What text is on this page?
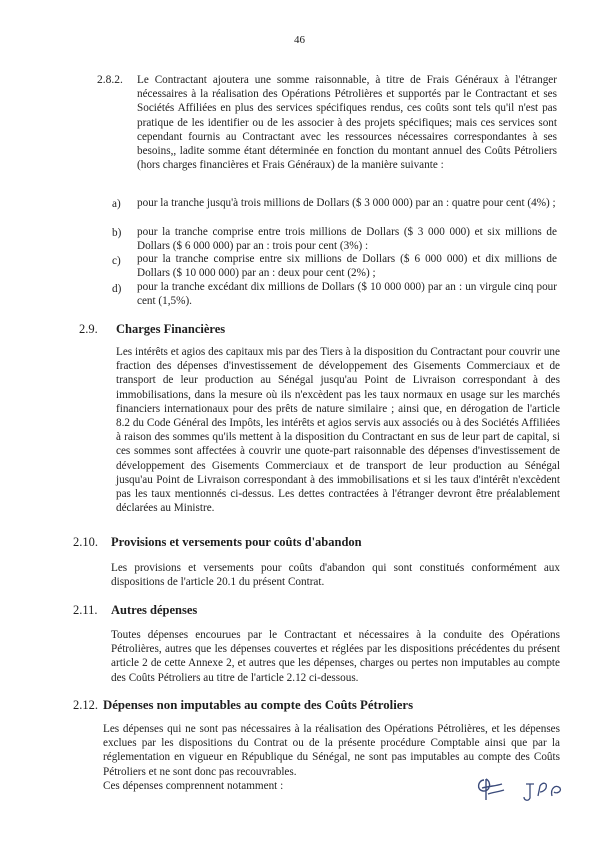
46
2.8.2. Le Contractant ajoutera une somme raisonnable, à titre de Frais Généraux à l'étranger nécessaires à la réalisation des Opérations Pétrolières et supportés par le Contractant et ses Sociétés Affiliées en plus des services spécifiques rendus, ces coûts sont tels qu'il n'est pas pratique de les identifier ou de les associer à des projets spécifiques; mais ces services sont cependant fournis au Contractant avec les ressources nécessaires correspondantes à ses besoins,, ladite somme étant déterminée en fonction du montant annuel des Coûts Pétroliers (hors charges financières et Frais Généraux) de la manière suivante :
a) pour la tranche jusqu'à trois millions de Dollars ($ 3 000 000) par an : quatre pour cent (4%) ;
b) pour la tranche comprise entre trois millions de Dollars ($ 3 000 000) et six millions de Dollars ($ 6 000 000) par an : trois pour cent (3%) :
c) pour la tranche comprise entre six millions de Dollars ($ 6 000 000) et dix millions de Dollars ($ 10 000 000) par an : deux pour cent (2%) ;
d) pour la tranche excédant dix millions de Dollars ($ 10 000 000) par an : un virgule cinq pour cent (1,5%).
2.9. Charges Financières
Les intérêts et agios des capitaux mis par des Tiers à la disposition du Contractant pour couvrir une fraction des dépenses d'investissement de développement des Gisements Commerciaux et de transport de leur production au Sénégal jusqu'au Point de Livraison correspondant à des immobilisations, dans la mesure où ils n'excèdent pas les taux normaux en usage sur les marchés financiers internationaux pour des prêts de nature similaire ; ainsi que, en dérogation de l'article 8.2 du Code Général des Impôts, les intérêts et agios servis aux associés ou à des Sociétés Affiliées à raison des sommes qu'ils mettent à la disposition du Contractant en sus de leur part de capital, si ces sommes sont affectées à couvrir une quote-part raisonnable des dépenses d'investissement de développement des Gisements Commerciaux et de transport de leur production au Sénégal jusqu'au Point de Livraison correspondant à des immobilisations et si les taux d'intérêt n'excèdent pas les taux mentionnés ci-dessus. Les dettes contractées à l'étranger devront être préalablement déclarées au Ministre.
2.10. Provisions et versements pour coûts d'abandon
Les provisions et versements pour coûts d'abandon qui sont constitués conformément aux dispositions de l'article 20.1 du présent Contrat.
2.11. Autres dépenses
Toutes dépenses encourues par le Contractant et nécessaires à la conduite des Opérations Pétrolières, autres que les dépenses couvertes et réglées par les dispositions précédentes du présent article 2 de cette Annexe 2, et autres que les dépenses, charges ou pertes non imputables au compte des Coûts Pétroliers au titre de l'article 2.12 ci-dessous.
2.12. Dépenses non imputables au compte des Coûts Pétroliers
Les dépenses qui ne sont pas nécessaires à la réalisation des Opérations Pétrolières, et les dépenses exclues par les dispositions du Contrat ou de la présente procédure Comptable ainsi que par la réglementation en vigueur en République du Sénégal, ne sont pas imputables au compte des Coûts Pétroliers et ne sont donc pas recouvrables.
Ces dépenses comprennent notamment :
